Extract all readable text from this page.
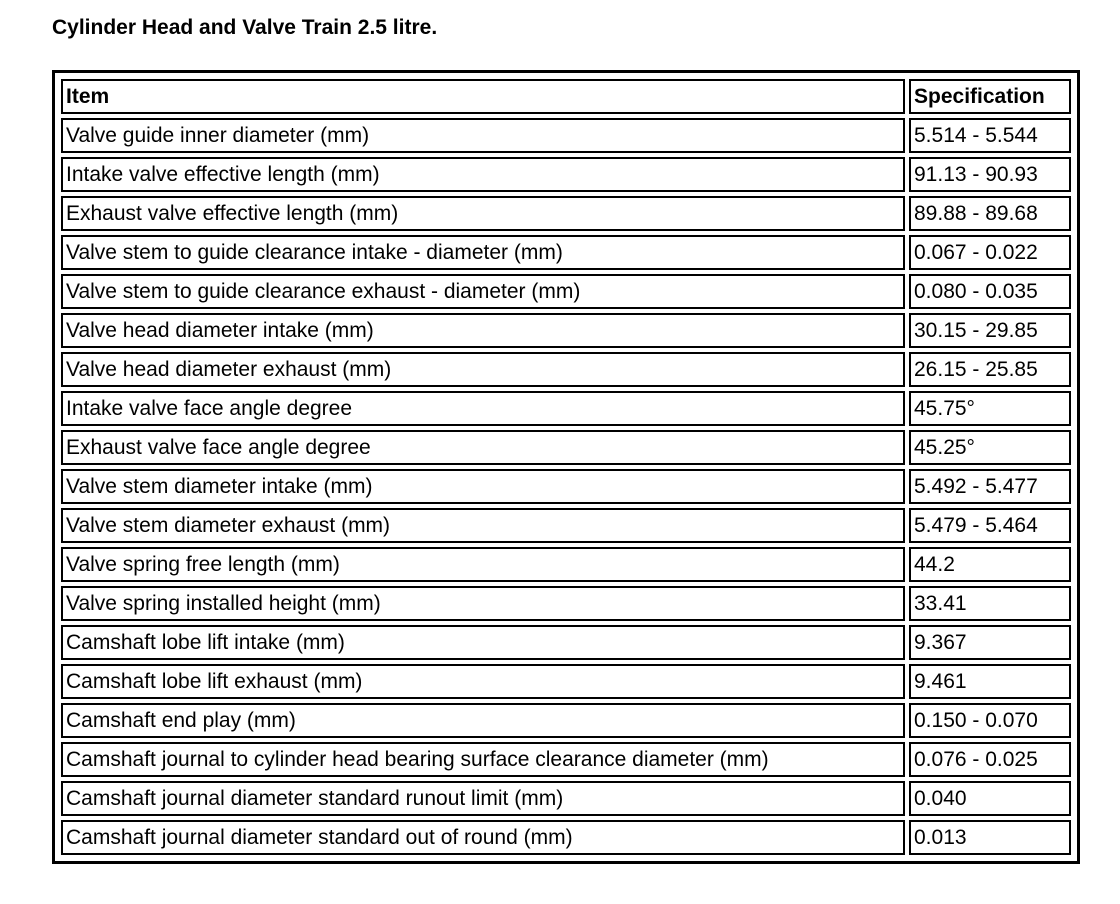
Cylinder Head and Valve Train 2.5 litre.
Item	Specification
Valve guide inner diameter (mm)	5.514 - 5.544
Intake valve effective length (mm)	91.13 - 90.93
Exhaust valve effective length (mm)	89.88 - 89.68
Valve stem to guide clearance intake - diameter (mm)	0.067 - 0.022
Valve stem to guide clearance exhaust - diameter (mm)	0.080 - 0.035
Valve head diameter intake (mm)	30.15 - 29.85
Valve head diameter exhaust (mm)	26.15 - 25.85
Intake valve face angle degree	45.75°
Exhaust valve face angle degree	45.25°
Valve stem diameter intake (mm)	5.492 - 5.477
Valve stem diameter exhaust (mm)	5.479 - 5.464
Valve spring free length (mm)	44.2
Valve spring installed height (mm)	33.41
Camshaft lobe lift intake (mm)	9.367
Camshaft lobe lift exhaust (mm)	9.461
Camshaft end play (mm)	0.150 - 0.070
Camshaft journal to cylinder head bearing surface clearance diameter (mm)	0.076 - 0.025
Camshaft journal diameter standard runout limit (mm)	0.040
Camshaft journal diameter standard out of round (mm)	0.013
